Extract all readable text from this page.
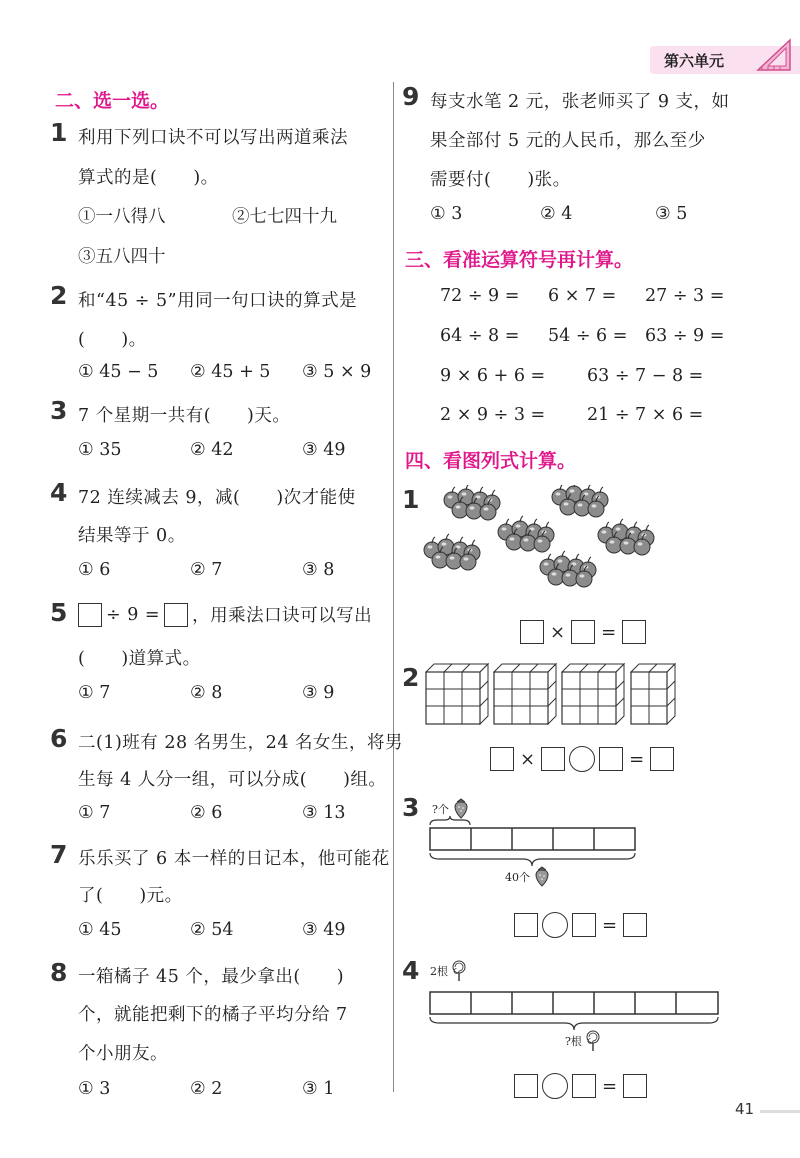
第六单元
二、选一选。
1 利用下列口诀不可以写出两道乘法
算式的是(　　)。
①一八得八	②七七四十九
③五八四十
2 和“45 ÷ 5”用同一句口诀的算式是
(　　)。
① 45 − 5 ② 45 + 5 ③ 5 × 9
3 7 个星期一共有(　　)天。
① 35	② 42	③ 49
4 72 连续减去 9，减(　　)次才能使
结果等于 0。
① 6	② 7	③ 8
5 ÷ 9 = ，用乘法口诀可以写出
(　　)道算式。
① 7	② 8	③ 9
6 二(1)班有 28 名男生，24 名女生，将男
生每 4 人分一组，可以分成(　　)组。
① 7	② 6	③ 13
7 乐乐买了 6 本一样的日记本，他可能花
了(　　)元。
① 45	② 54	③ 49
8 一箱橘子 45 个，最少拿出(　　)
个，就能把剩下的橘子平均分给 7
个小朋友。
① 3	② 2	③ 1
9 每支水笔 2 元，张老师买了 9 支，如
果全部付 5 元的人民币，那么至少
需要付(　　)张。
① 3	② 4	③ 5
三、看准运算符号再计算。
72 ÷ 9 = 6 × 7 = 27 ÷ 3 =
64 ÷ 8 = 54 ÷ 6 = 63 ÷ 9 =
9 × 6 + 6 = 63 ÷ 7 − 8 =
2 × 9 ÷ 3 = 21 ÷ 7 × 6 =
四、看图列式计算。
1
× =
2
×	=
3 ?个
40个
=
4 2根
?根
=
41
